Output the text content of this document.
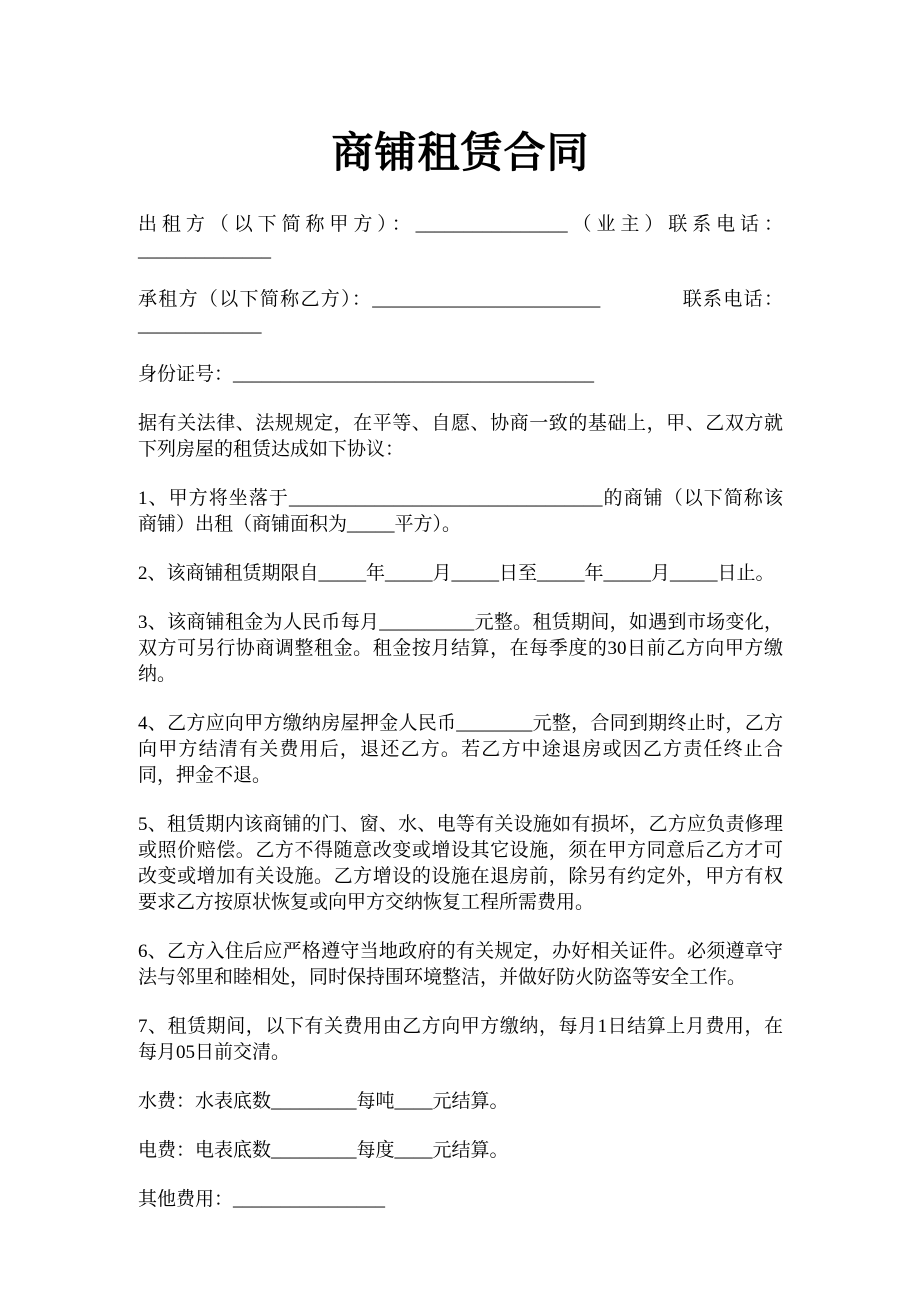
商铺租赁合同

出租方（以下简称甲方）：________________（业主）联系电话：______________

承租方（以下简称乙方）：________________________　　　　联系电话：_____________

身份证号：______________________________________

据有关法律、法规规定，在平等、自愿、协商一致的基础上，甲、乙双方就下列房屋的租赁达成如下协议：

1、甲方将坐落于_________________________________的商铺（以下简称该商铺）出租（商铺面积为_____平方）。

2、该商铺租赁期限自_____年_____月_____日至_____年_____月_____日止。

3、该商铺租金为人民币每月__________元整。租赁期间，如遇到市场变化，双方可另行协商调整租金。租金按月结算，在每季度的30日前乙方向甲方缴纳。

4、乙方应向甲方缴纳房屋押金人民币________元整，合同到期终止时，乙方向甲方结清有关费用后，退还乙方。若乙方中途退房或因乙方责任终止合同，押金不退。

5、租赁期内该商铺的门、窗、水、电等有关设施如有损坏，乙方应负责修理或照价赔偿。乙方不得随意改变或增设其它设施，须在甲方同意后乙方才可改变或增加有关设施。乙方增设的设施在退房前，除另有约定外，甲方有权要求乙方按原状恢复或向甲方交纳恢复工程所需费用。

6、乙方入住后应严格遵守当地政府的有关规定，办好相关证件。必须遵章守法与邻里和睦相处，同时保持围环境整洁，并做好防火防盗等安全工作。

7、租赁期间，以下有关费用由乙方向甲方缴纳，每月1日结算上月费用，在每月05日前交清。

水费：水表底数_________每吨____元结算。

电费：电表底数_________每度____元结算。

其他费用：________________
